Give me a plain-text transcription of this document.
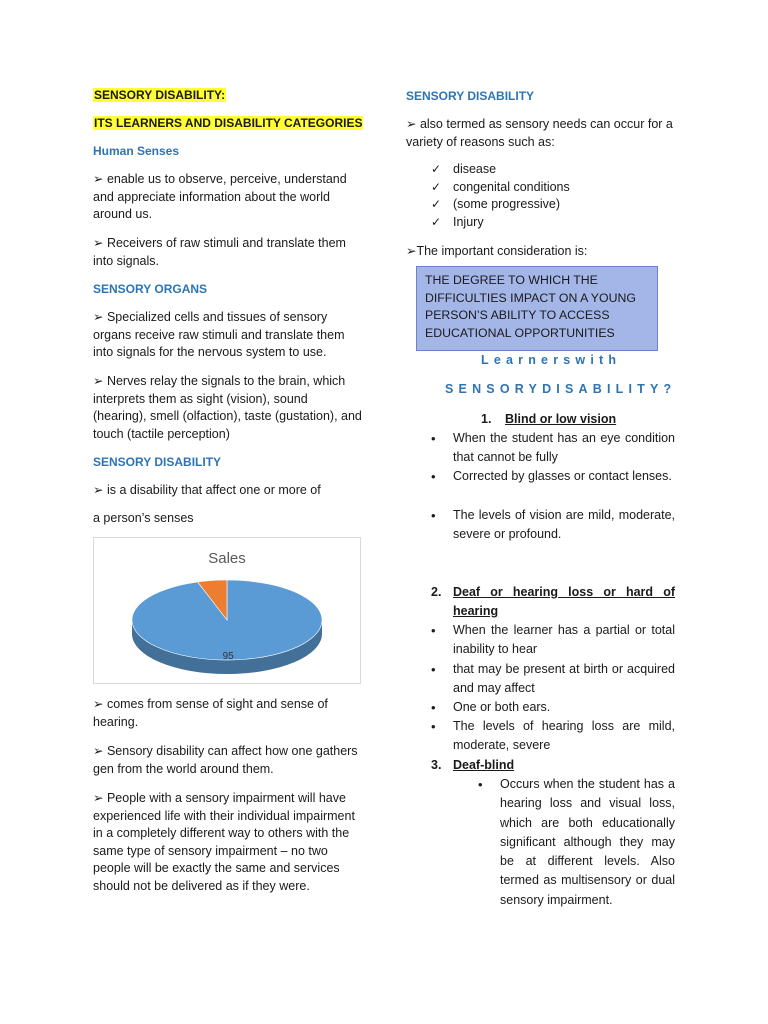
SENSORY DISABILITY:
ITS LEARNERS AND DISABILITY CATEGORIES
Human Senses
➢ enable us to observe, perceive, understand and appreciate information about the world around us.
➢ Receivers of raw stimuli and translate them into signals.
SENSORY ORGANS
➢ Specialized cells and tissues of sensory organs receive raw stimuli and translate them into signals for the nervous system to use.
➢ Nerves relay the signals to the brain, which interprets them as sight (vision), sound (hearing), smell (olfaction), taste (gustation), and touch (tactile perception)
SENSORY DISABILITY
➢ is a disability that affect one or more of
a person’s senses
Sales
95
➢ comes from sense of sight and sense of hearing.
➢ Sensory disability can affect how one gathers gen from the world around them.
➢ People with a sensory impairment will have experienced life with their individual impairment in a completely different way to others with the same type of sensory impairment – no two people will be exactly the same and services should not be delivered as if they were.
SENSORY DISABILITY
➢ also termed as sensory needs can occur for a variety of reasons such as:
✓ disease
✓ congenital conditions
✓ (some progressive)
✓ Injury
➢The important consideration is:
THE DEGREE TO WHICH THE DIFFICULTIES IMPACT ON A YOUNG PERSON’S ABILITY TO ACCESS EDUCATIONAL OPPORTUNITIES
Learnerswith
SENSORYDISABILITY?
1. Blind or low vision
• When the student has an eye condition that cannot be fully
• Corrected by glasses or contact lenses.
• The levels of vision are mild, moderate, severe or profound.
2. Deaf or hearing loss or hard of hearing
• When the learner has a partial or total inability to hear
• that may be present at birth or acquired and may affect
• One or both ears.
• The levels of hearing loss are mild, moderate, severe
3. Deaf-blind
• Occurs when the student has a hearing loss and visual loss, which are both educationally significant although they may be at different levels. Also termed as multisensory or dual sensory impairment.
